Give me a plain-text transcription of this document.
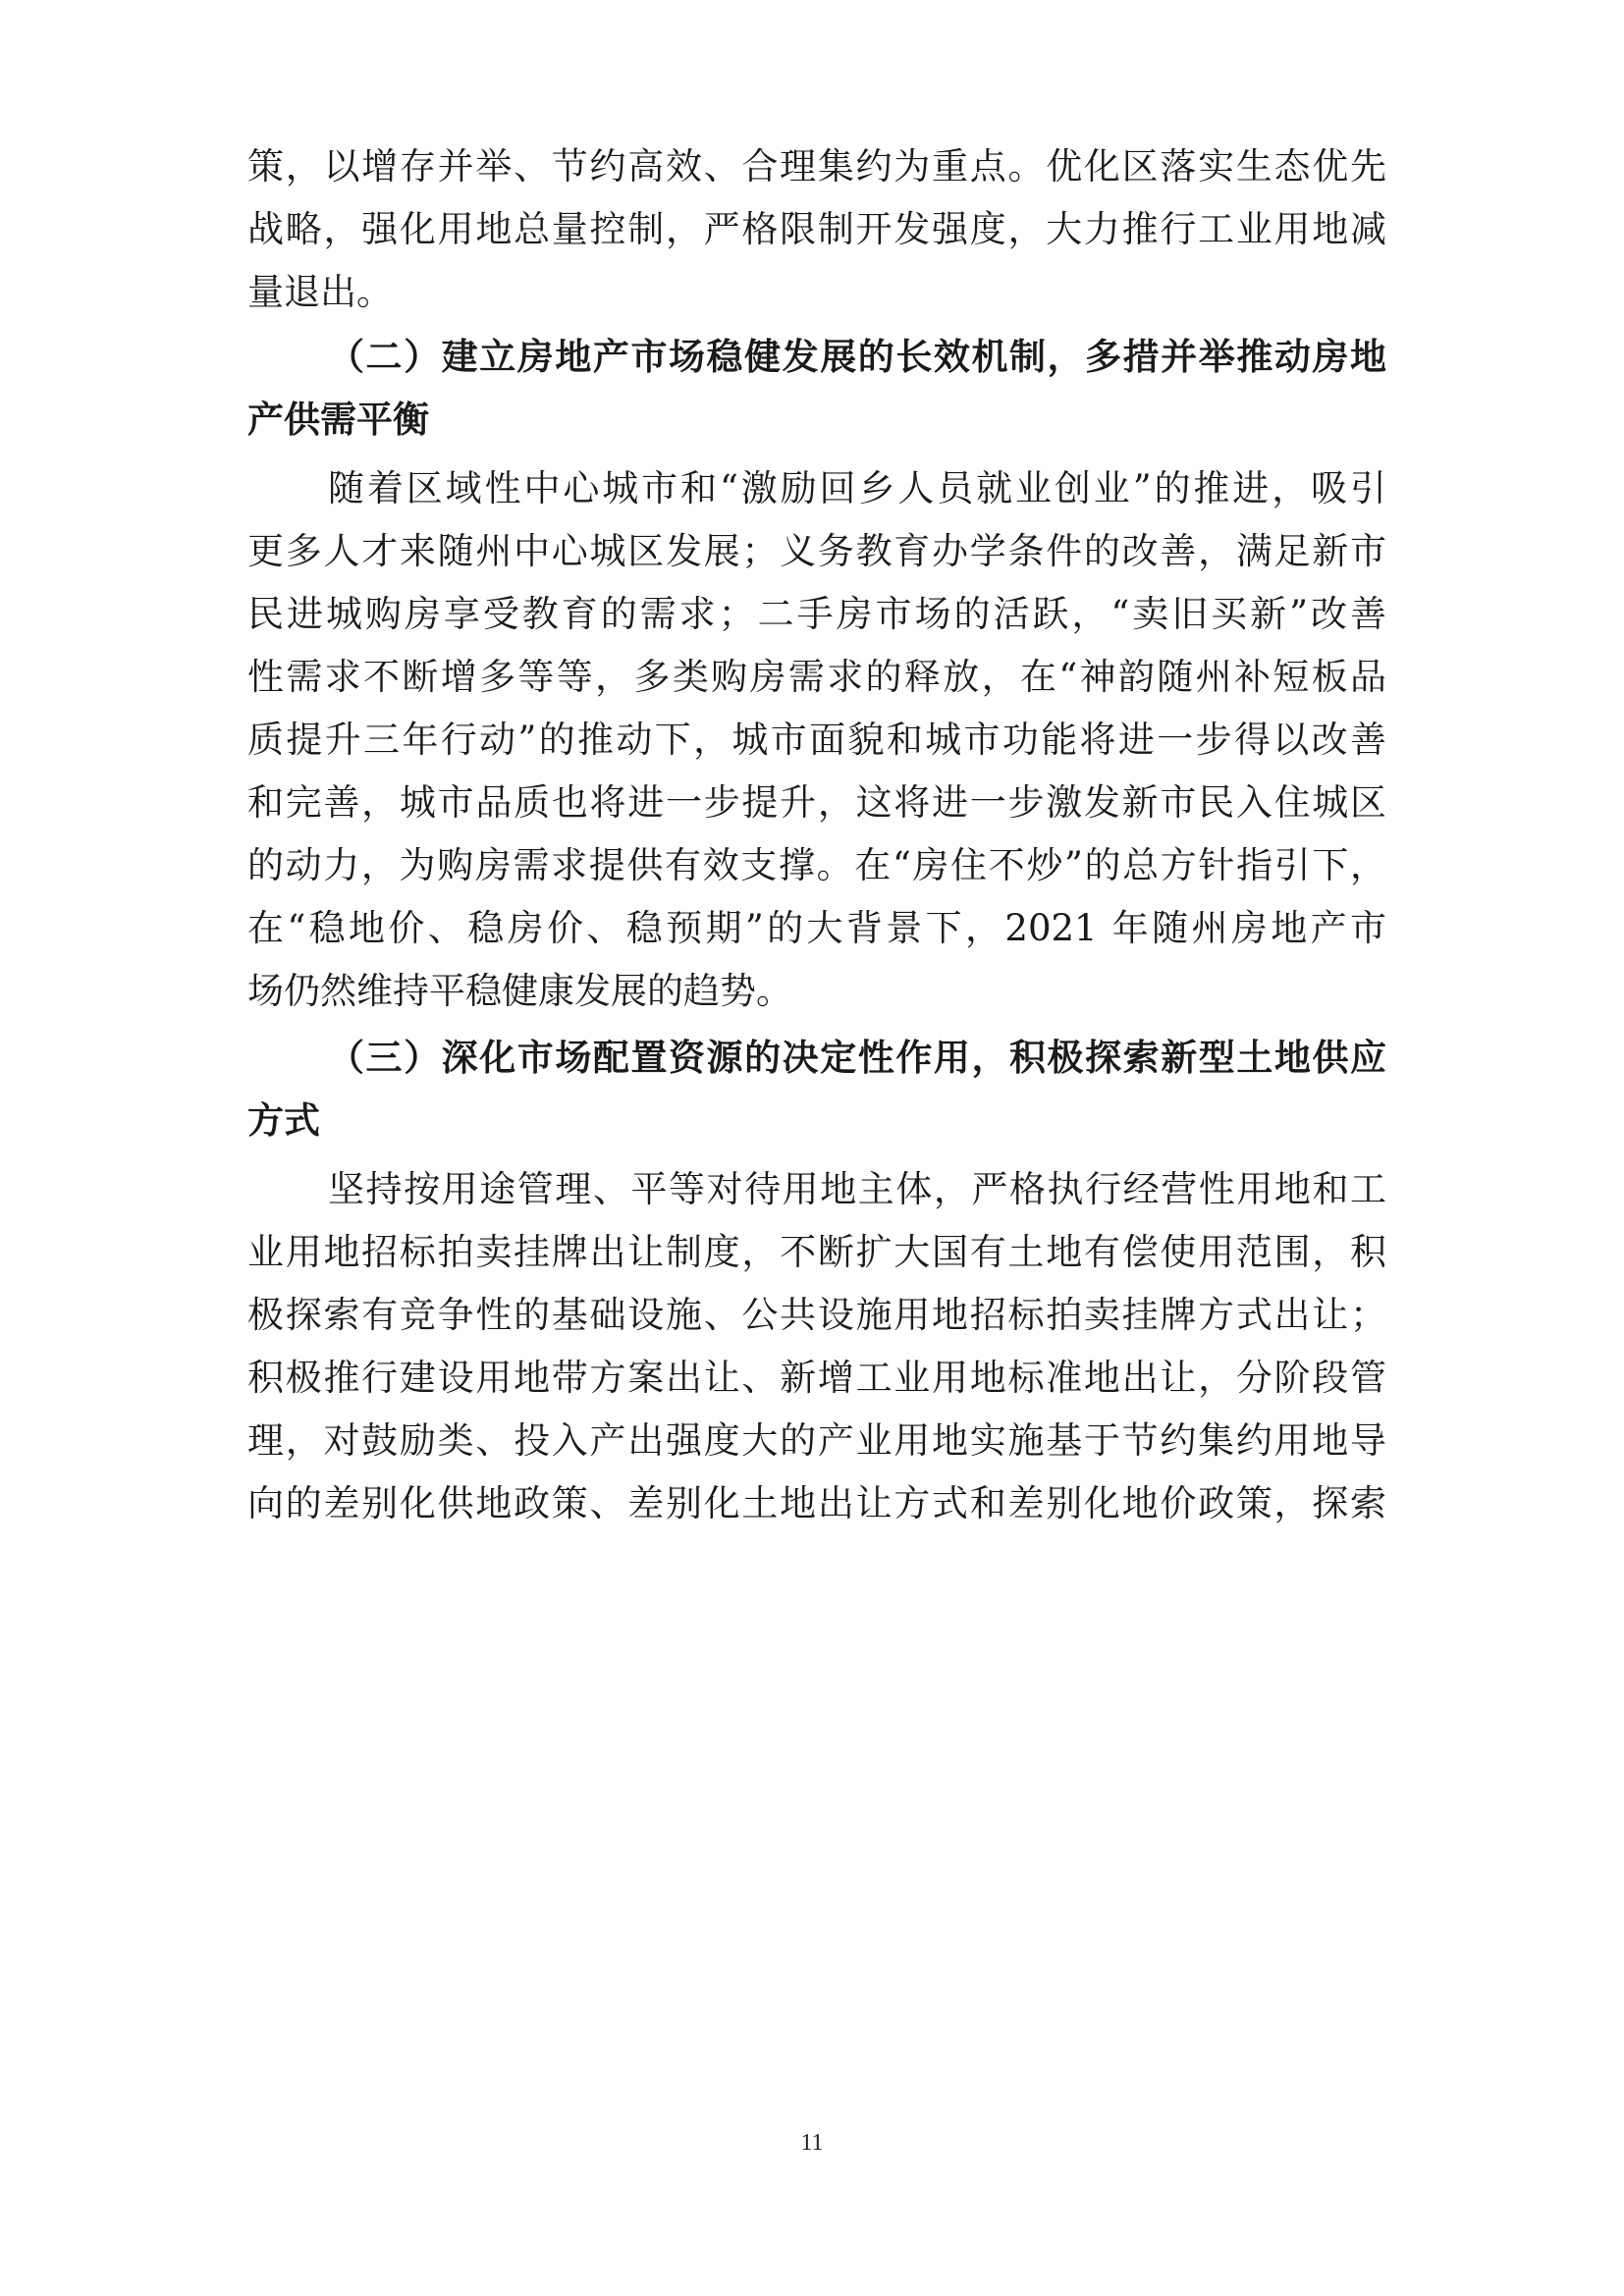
策，以增存并举、节约高效、合理集约为重点。优化区落实生态优先
战略，强化用地总量控制，严格限制开发强度，大力推行工业用地减
量退出。
（二）建立房地产市场稳健发展的长效机制，多措并举推动房地
产供需平衡
随着区域性中心城市和“激励回乡人员就业创业”的推进，吸引
更多人才来随州中心城区发展；义务教育办学条件的改善，满足新市
民进城购房享受教育的需求；二手房市场的活跃，“卖旧买新”改善
性需求不断增多等等，多类购房需求的释放，在“神韵随州补短板品
质提升三年行动”的推动下，城市面貌和城市功能将进一步得以改善
和完善，城市品质也将进一步提升，这将进一步激发新市民入住城区
的动力，为购房需求提供有效支撑。在“房住不炒”的总方针指引下，
在“稳地价、稳房价、稳预期”的大背景下，2021 年随州房地产市
场仍然维持平稳健康发展的趋势。
（三）深化市场配置资源的决定性作用，积极探索新型土地供应
方式
坚持按用途管理、平等对待用地主体，严格执行经营性用地和工
业用地招标拍卖挂牌出让制度，不断扩大国有土地有偿使用范围，积
极探索有竞争性的基础设施、公共设施用地招标拍卖挂牌方式出让；
积极推行建设用地带方案出让、新增工业用地标准地出让，分阶段管
理，对鼓励类、投入产出强度大的产业用地实施基于节约集约用地导
向的差别化供地政策、差别化土地出让方式和差别化地价政策，探索
11
